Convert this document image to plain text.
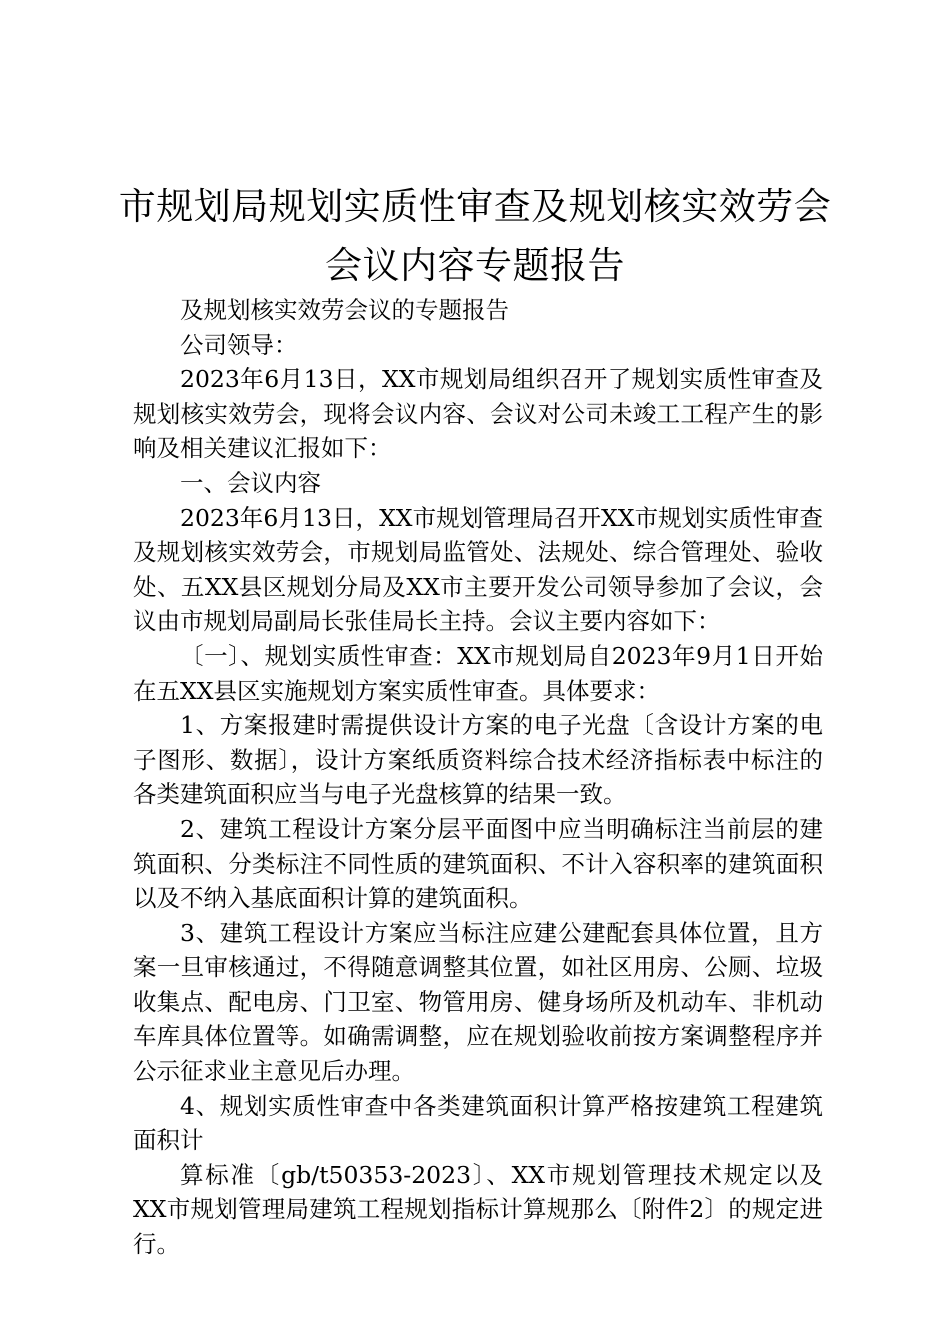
市规划局规划实质性审查及规划核实效劳会
会议内容专题报告

及规划核实效劳会议的专题报告

公司领导：

2023年6月13日，XX市规划局组织召开了规划实质性审查及规划核实效劳会，现将会议内容、会议对公司未竣工工程产生的影响及相关建议汇报如下：

一、会议内容

2023年6月13日，XX市规划管理局召开XX市规划实质性审查及规划核实效劳会，市规划局监管处、法规处、综合管理处、验收处、五XX县区规划分局及XX市主要开发公司领导参加了会议，会议由市规划局副局长张佳局长主持。会议主要内容如下：

〔一〕、规划实质性审查：XX市规划局自2023年9月1日开始在五XX县区实施规划方案实质性审查。具体要求：

1、方案报建时需提供设计方案的电子光盘〔含设计方案的电子图形、数据〕，设计方案纸质资料综合技术经济指标表中标注的各类建筑面积应当与电子光盘核算的结果一致。

2、建筑工程设计方案分层平面图中应当明确标注当前层的建筑面积、分类标注不同性质的建筑面积、不计入容积率的建筑面积以及不纳入基底面积计算的建筑面积。

3、建筑工程设计方案应当标注应建公建配套具体位置，且方案一旦审核通过，不得随意调整其位置，如社区用房、公厕、垃圾收集点、配电房、门卫室、物管用房、健身场所及机动车、非机动车库具体位置等。如确需调整，应在规划验收前按方案调整程序并公示征求业主意见后办理。

4、规划实质性审查中各类建筑面积计算严格按建筑工程建筑面积计

算标准〔gb/t50353-2023〕、XX市规划管理技术规定以及XX市规划管理局建筑工程规划指标计算规那么〔附件2〕的规定进行。
